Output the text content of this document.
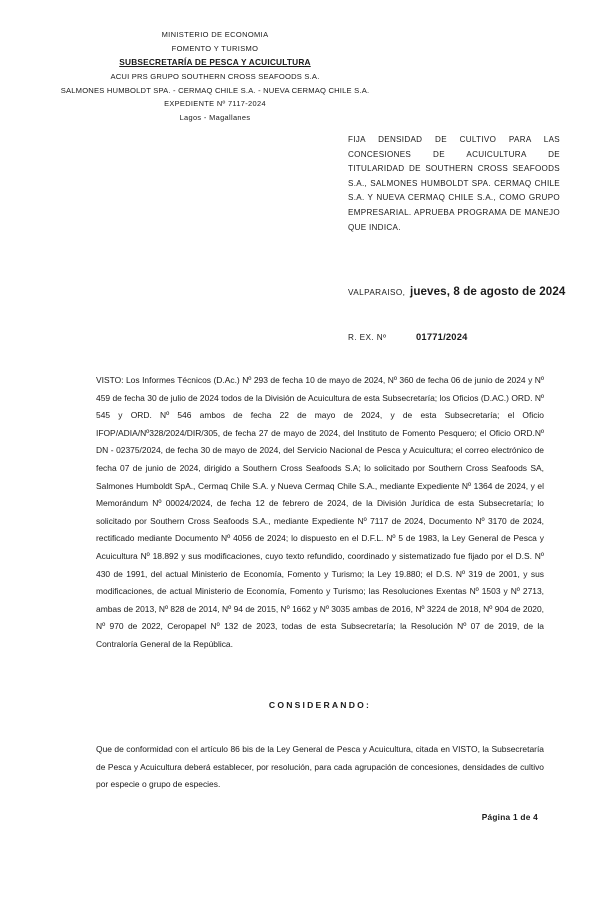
MINISTERIO DE ECONOMIA
FOMENTO Y TURISMO
SUBSECRETARÍA DE PESCA Y ACUICULTURA
ACUI PRS GRUPO SOUTHERN CROSS SEAFOODS S.A.
SALMONES HUMBOLDT SPA. - CERMAQ CHILE S.A. - NUEVA CERMAQ CHILE S.A.
EXPEDIENTE Nº 7117-2024
Lagos - Magallanes
FIJA DENSIDAD DE CULTIVO PARA LAS CONCESIONES DE ACUICULTURA DE TITULARIDAD DE SOUTHERN CROSS SEAFOODS S.A., SALMONES HUMBOLDT SPA. CERMAQ CHILE S.A. Y NUEVA CERMAQ CHILE S.A., COMO GRUPO EMPRESARIAL. APRUEBA PROGRAMA DE MANEJO QUE INDICA.
VALPARAISO, jueves, 8 de agosto de 2024
R. EX. Nº	01771/2024

VISTO: Los Informes Técnicos (D.Ac.) Nº 293 de fecha 10 de mayo de 2024, Nº 360 de fecha 06 de junio de 2024 y Nº 459 de fecha 30 de julio de 2024 todos de la División de Acuicultura de esta Subsecretaría; los Oficios (D.AC.) ORD. Nº 545 y ORD. Nº 546 ambos de fecha 22 de mayo de 2024, y de esta Subsecretaría; el Oficio IFOP/ADIA/Nº328/2024/DIR/305, de fecha 27 de mayo de 2024, del Instituto de Fomento Pesquero; el Oficio ORD.Nº DN - 02375/2024, de fecha 30 de mayo de 2024, del Servicio Nacional de Pesca y Acuicultura; el correo electrónico de fecha 07 de junio de 2024, dirigido a Southern Cross Seafoods S.A; lo solicitado por Southern Cross Seafoods SA, Salmones Humboldt SpA., Cermaq Chile S.A. y Nueva Cermaq Chile S.A., mediante Expediente Nº 1364 de 2024, y el Memorándum Nº 00024/2024, de fecha 12 de febrero de 2024, de la División Jurídica de esta Subsecretaría; lo solicitado por Southern Cross Seafoods S.A., mediante Expediente Nº 7117 de 2024, Documento Nº 3170 de 2024, rectificado mediante Documento Nº 4056 de 2024; lo dispuesto en el D.F.L. Nº 5 de 1983, la Ley General de Pesca y Acuicultura Nº 18.892 y sus modificaciones, cuyo texto refundido, coordinado y sistematizado fue fijado por el D.S. Nº 430 de 1991, del actual Ministerio de Economía, Fomento y Turismo; la Ley 19.880; el D.S. Nº 319 de 2001, y sus modificaciones, de actual Ministerio de Economía, Fomento y Turismo; las Resoluciones Exentas Nº 1503 y Nº 2713, ambas de 2013, Nº 828 de 2014, Nº 94 de 2015, Nº 1662 y Nº 3035 ambas de 2016, Nº 3224 de 2018, Nº 904 de 2020, Nº 970 de 2022, Ceropapel Nº 132 de 2023, todas de esta Subsecretaría; la Resolución Nº 07 de 2019, de la Contraloría General de la República.

CONSIDERANDO:

Que de conformidad con el artículo 86 bis de la Ley General de Pesca y Acuicultura, citada en VISTO, la Subsecretaría de Pesca y Acuicultura deberá establecer, por resolución, para cada agrupación de concesiones, densidades de cultivo por especie o grupo de especies.

Página 1 de 4
